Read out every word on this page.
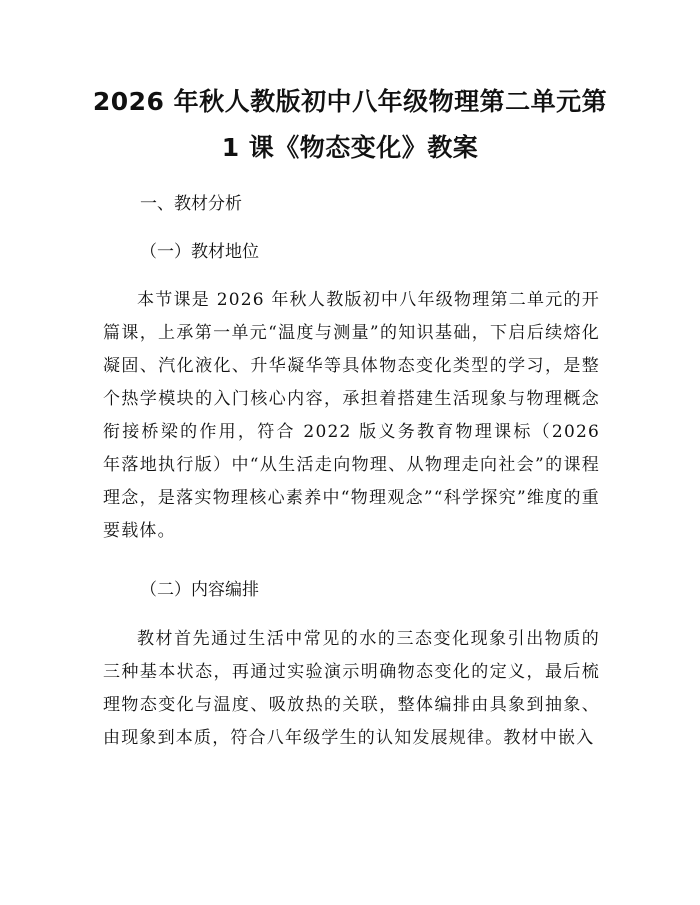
2026 年秋人教版初中八年级物理第二单元第
1 课《物态变化》教案
一、教材分析
（一）教材地位
本节课是 2026 年秋人教版初中八年级物理第二单元的开篇课，上承第一单元“温度与测量”的知识基础，下启后续熔化凝固、汽化液化、升华凝华等具体物态变化类型的学习，是整个热学模块的入门核心内容，承担着搭建生活现象与物理概念衔接桥梁的作用，符合 2022 版义务教育物理课标（2026 年落地执行版）中“从生活走向物理、从物理走向社会”的课程理念，是落实物理核心素养中“物理观念”“科学探究”维度的重要载体。
（二）内容编排
教材首先通过生活中常见的水的三态变化现象引出物质的三种基本状态，再通过实验演示明确物态变化的定义，最后梳理物态变化与温度、吸放热的关联，整体编排由具象到抽象、由现象到本质，符合八年级学生的认知发展规律。教材中嵌入
